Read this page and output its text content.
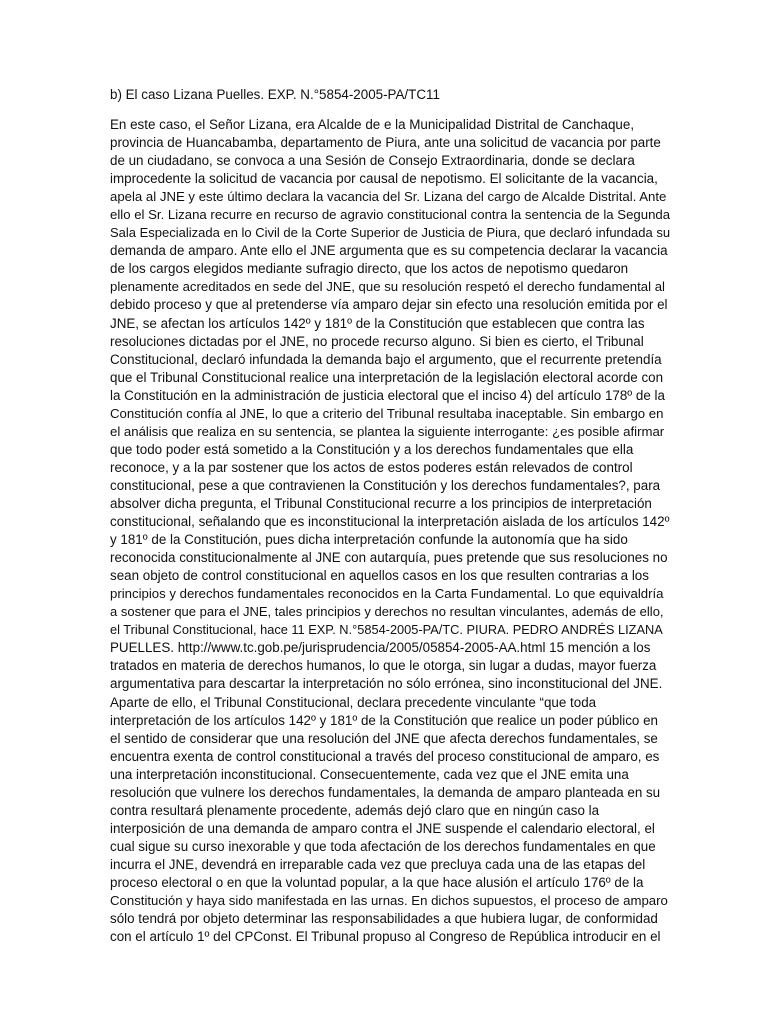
b) El caso Lizana Puelles. EXP. N.°5854-2005-PA/TC11
En este caso, el Señor Lizana, era Alcalde de e la Municipalidad Distrital de Canchaque,
provincia de Huancabamba, departamento de Piura, ante una solicitud de vacancia por parte
de un ciudadano, se convoca a una Sesión de Consejo Extraordinaria, donde se declara
improcedente la solicitud de vacancia por causal de nepotismo. El solicitante de la vacancia,
apela al JNE y este último declara la vacancia del Sr. Lizana del cargo de Alcalde Distrital. Ante
ello el Sr. Lizana recurre en recurso de agravio constitucional contra la sentencia de la Segunda
Sala Especializada en lo Civil de la Corte Superior de Justicia de Piura, que declaró infundada su
demanda de amparo. Ante ello el JNE argumenta que es su competencia declarar la vacancia
de los cargos elegidos mediante sufragio directo, que los actos de nepotismo quedaron
plenamente acreditados en sede del JNE, que su resolución respetó el derecho fundamental al
debido proceso y que al pretenderse vía amparo dejar sin efecto una resolución emitida por el
JNE, se afectan los artículos 142º y 181º de la Constitución que establecen que contra las
resoluciones dictadas por el JNE, no procede recurso alguno. Si bien es cierto, el Tribunal
Constitucional, declaró infundada la demanda bajo el argumento, que el recurrente pretendía
que el Tribunal Constitucional realice una interpretación de la legislación electoral acorde con
la Constitución en la administración de justicia electoral que el inciso 4) del artículo 178º de la
Constitución confía al JNE, lo que a criterio del Tribunal resultaba inaceptable. Sin embargo en
el análisis que realiza en su sentencia, se plantea la siguiente interrogante: ¿es posible afirmar
que todo poder está sometido a la Constitución y a los derechos fundamentales que ella
reconoce, y a la par sostener que los actos de estos poderes están relevados de control
constitucional, pese a que contravienen la Constitución y los derechos fundamentales?, para
absolver dicha pregunta, el Tribunal Constitucional recurre a los principios de interpretación
constitucional, señalando que es inconstitucional la interpretación aislada de los artículos 142º
y 181º de la Constitución, pues dicha interpretación confunde la autonomía que ha sido
reconocida constitucionalmente al JNE con autarquía, pues pretende que sus resoluciones no
sean objeto de control constitucional en aquellos casos en los que resulten contrarias a los
principios y derechos fundamentales reconocidos en la Carta Fundamental. Lo que equivaldría
a sostener que para el JNE, tales principios y derechos no resultan vinculantes, además de ello,
el Tribunal Constitucional, hace 11 EXP. N.°5854-2005-PA/TC. PIURA. PEDRO ANDRÉS LIZANA
PUELLES. http://www.tc.gob.pe/jurisprudencia/2005/05854-2005-AA.html 15 mención a los
tratados en materia de derechos humanos, lo que le otorga, sin lugar a dudas, mayor fuerza
argumentativa para descartar la interpretación no sólo errónea, sino inconstitucional del JNE.
Aparte de ello, el Tribunal Constitucional, declara precedente vinculante “que toda
interpretación de los artículos 142º y 181º de la Constitución que realice un poder público en
el sentido de considerar que una resolución del JNE que afecta derechos fundamentales, se
encuentra exenta de control constitucional a través del proceso constitucional de amparo, es
una interpretación inconstitucional. Consecuentemente, cada vez que el JNE emita una
resolución que vulnere los derechos fundamentales, la demanda de amparo planteada en su
contra resultará plenamente procedente, además dejó claro que en ningún caso la
interposición de una demanda de amparo contra el JNE suspende el calendario electoral, el
cual sigue su curso inexorable y que toda afectación de los derechos fundamentales en que
incurra el JNE, devendrá en irreparable cada vez que precluya cada una de las etapas del
proceso electoral o en que la voluntad popular, a la que hace alusión el artículo 176º de la
Constitución y haya sido manifestada en las urnas. En dichos supuestos, el proceso de amparo
sólo tendrá por objeto determinar las responsabilidades a que hubiera lugar, de conformidad
con el artículo 1º del CPConst. El Tribunal propuso al Congreso de República introducir en el
